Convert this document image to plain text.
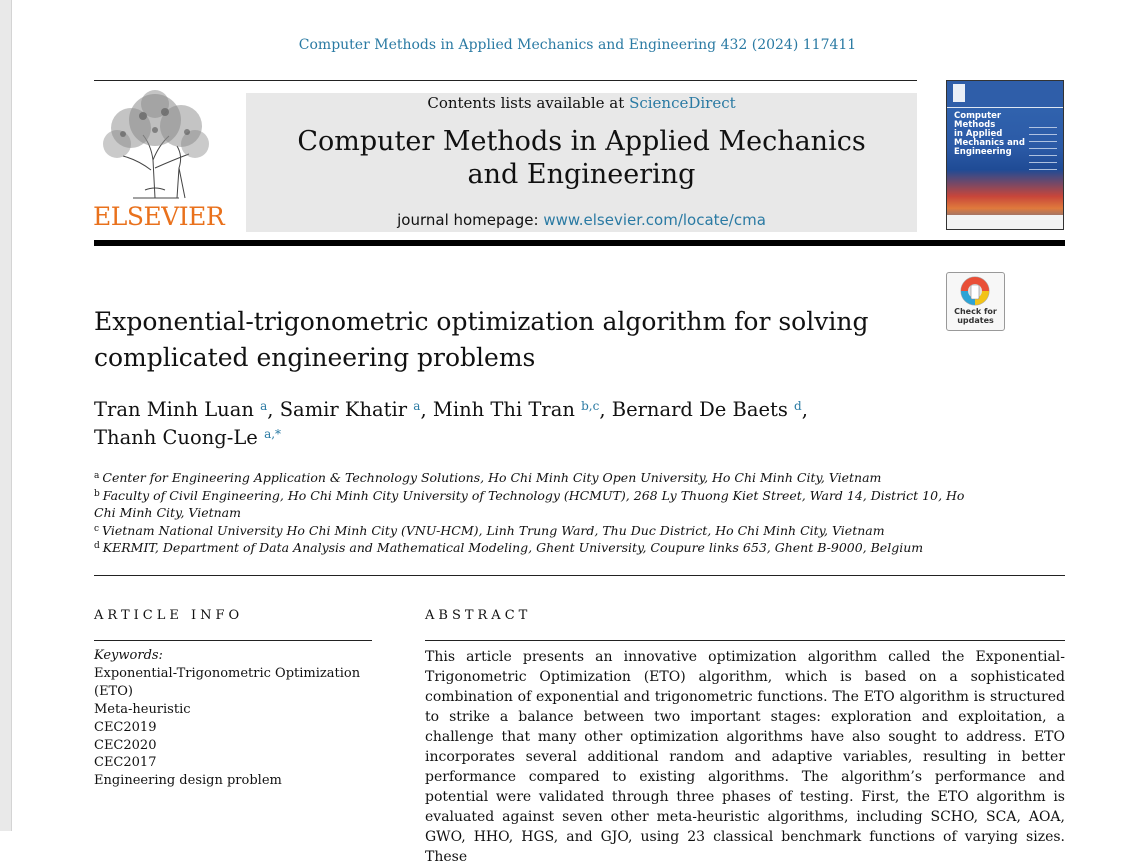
Computer Methods in Applied Mechanics and Engineering 432 (2024) 117411
ELSEVIER
Contents lists available at ScienceDirect
Computer Methods in Applied Mechanics
and Engineering
journal homepage: www.elsevier.com/locate/cma
Computer
Methods
in Applied
Mechanics and
Engineering
Check for
updates
Exponential-trigonometric optimization algorithm for solving
complicated engineering problems
Tran Minh Luan $^a$, Samir Khatir $^a$, Minh Thi Tran $^{b,c}$, Bernard De Baets $^d$,
Thanh Cuong-Le $^{a,*}$
$^a$ Center for Engineering Application & Technology Solutions, Ho Chi Minh City Open University, Ho Chi Minh City, Vietnam
$^b$ Faculty of Civil Engineering, Ho Chi Minh City University of Technology (HCMUT), 268 Ly Thuong Kiet Street, Ward 14, District 10, Ho Chi Minh City, Vietnam
$^c$ Vietnam National University Ho Chi Minh City (VNU-HCM), Linh Trung Ward, Thu Duc District, Ho Chi Minh City, Vietnam
$^d$ KERMIT, Department of Data Analysis and Mathematical Modeling, Ghent University, Coupure links 653, Ghent B-9000, Belgium
ARTICLE INFO
Keywords:
Exponential-Trigonometric Optimization (ETO)
Meta-heuristic
CEC2019
CEC2020
CEC2017
Engineering design problem
ABSTRACT

This article presents an innovative optimization algorithm called the Exponential-Trigonometric Optimization (ETO) algorithm, which is based on a sophisticated combination of exponential and trigonometric functions. The ETO algorithm is structured to strike a balance between two important stages: exploration and exploitation, a challenge that many other optimization algorithms have also sought to address. ETO incorporates several additional random and adaptive variables, resulting in better performance compared to existing algorithms. The algorithm’s performance and potential were validated through three phases of testing. First, the ETO algorithm is evaluated against seven other meta-heuristic algorithms, including SCHO, SCA, AOA, GWO, HHO, HGS, and GJO, using 23 classical benchmark functions of varying sizes. These
